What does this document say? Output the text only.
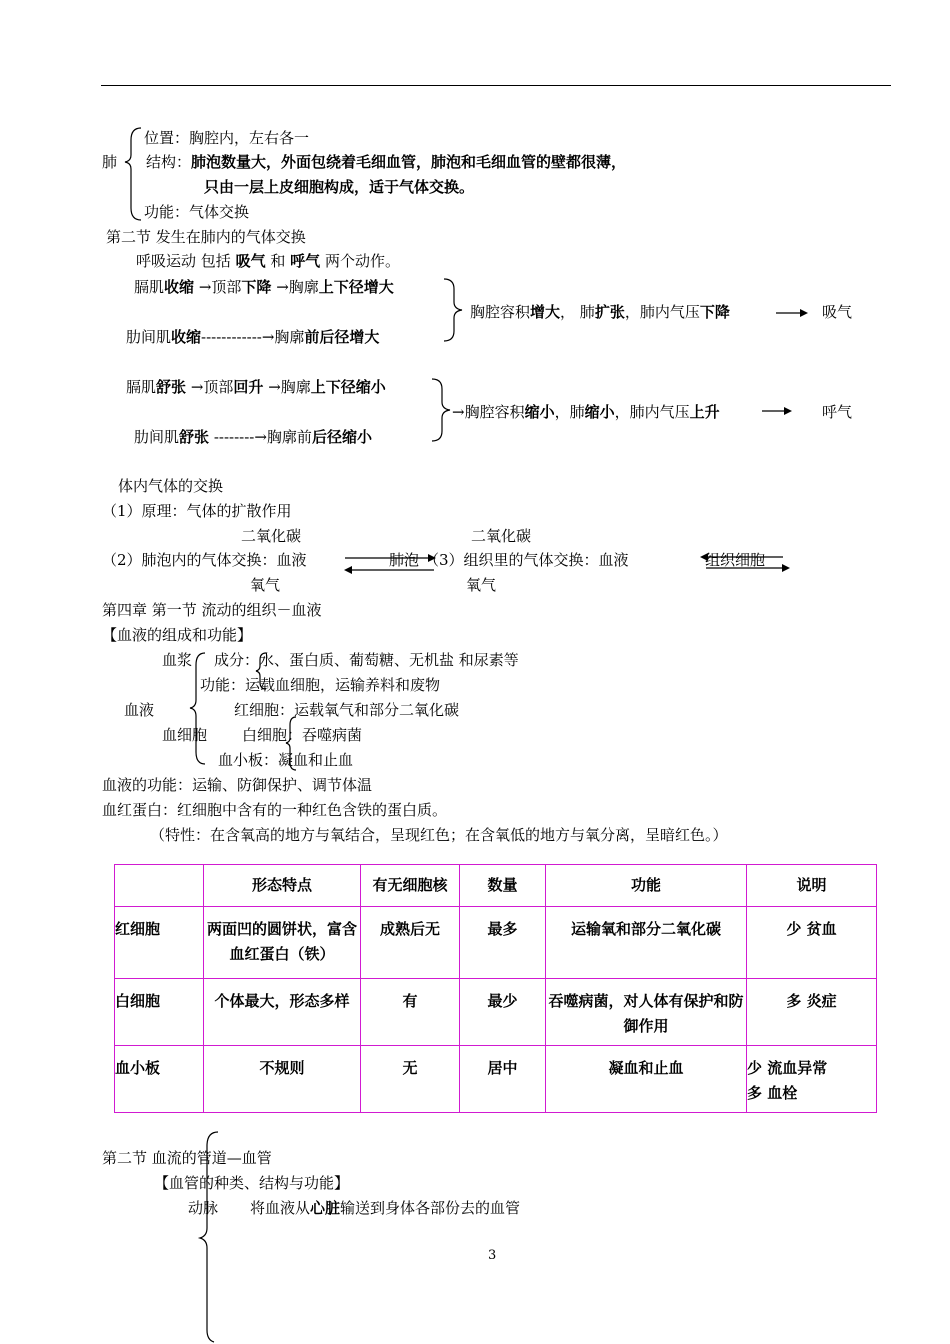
位置：胸腔内，左右各一
肺 结构：肺泡数量大，外面包绕着毛细血管，肺泡和毛细血管的壁都很薄，
只由一层上皮细胞构成，适于气体交换。
功能：气体交换
第二节 发生在肺内的气体交换
呼吸运动 包括 吸气 和 呼气 两个动作。
膈肌收缩 →顶部下降 →胸廓上下径增大
肋间肌收缩------------→胸廓前后径增大
胸腔容积增大， 肺扩张，肺内气压下降	吸气
膈肌舒张 →顶部回升 →胸廓上下径缩小
肋间肌舒张 --------→胸廓前后径缩小
→胸腔容积缩小，肺缩小，肺内气压上升	呼气
体内气体的交换
（1）原理：气体的扩散作用
二氧化碳	二氧化碳
（2）肺泡内的气体交换：血液	肺泡 （3）组织里的气体交换：血液	组织细胞
氧气	氧气
第四章 第一节 流动的组织－血液
【血液的组成和功能】
血浆 成分：水、蛋白质、葡萄糖、无机盐 和尿素等
功能：运载血细胞，运输养料和废物
血液	红细胞：运载氧气和部分二氧化碳
血细胞 白细胞：吞噬病菌
血小板：凝血和止血
血液的功能：运输、防御保护、调节体温
血红蛋白：红细胞中含有的一种红色含铁的蛋白质。
（特性：在含氧高的地方与氧结合，呈现红色；在含氧低的地方与氧分离，呈暗红色。）
	形态特点	有无细胞核	数量	功能	说明
红细胞	两面凹的圆饼状，富含血红蛋白（铁）	成熟后无	最多	运输氧和部分二氧化碳	少 贫血
白细胞	个体最大，形态多样	有	最少	吞噬病菌，对人体有保护和防御作用	多 炎症
血小板	不规则	无	居中	凝血和止血	少 流血异常
多 血栓
第二节 血流的管道—血管
【血管的种类、结构与功能】
动脉 将血液从心脏输送到身体各部份去的血管
3
